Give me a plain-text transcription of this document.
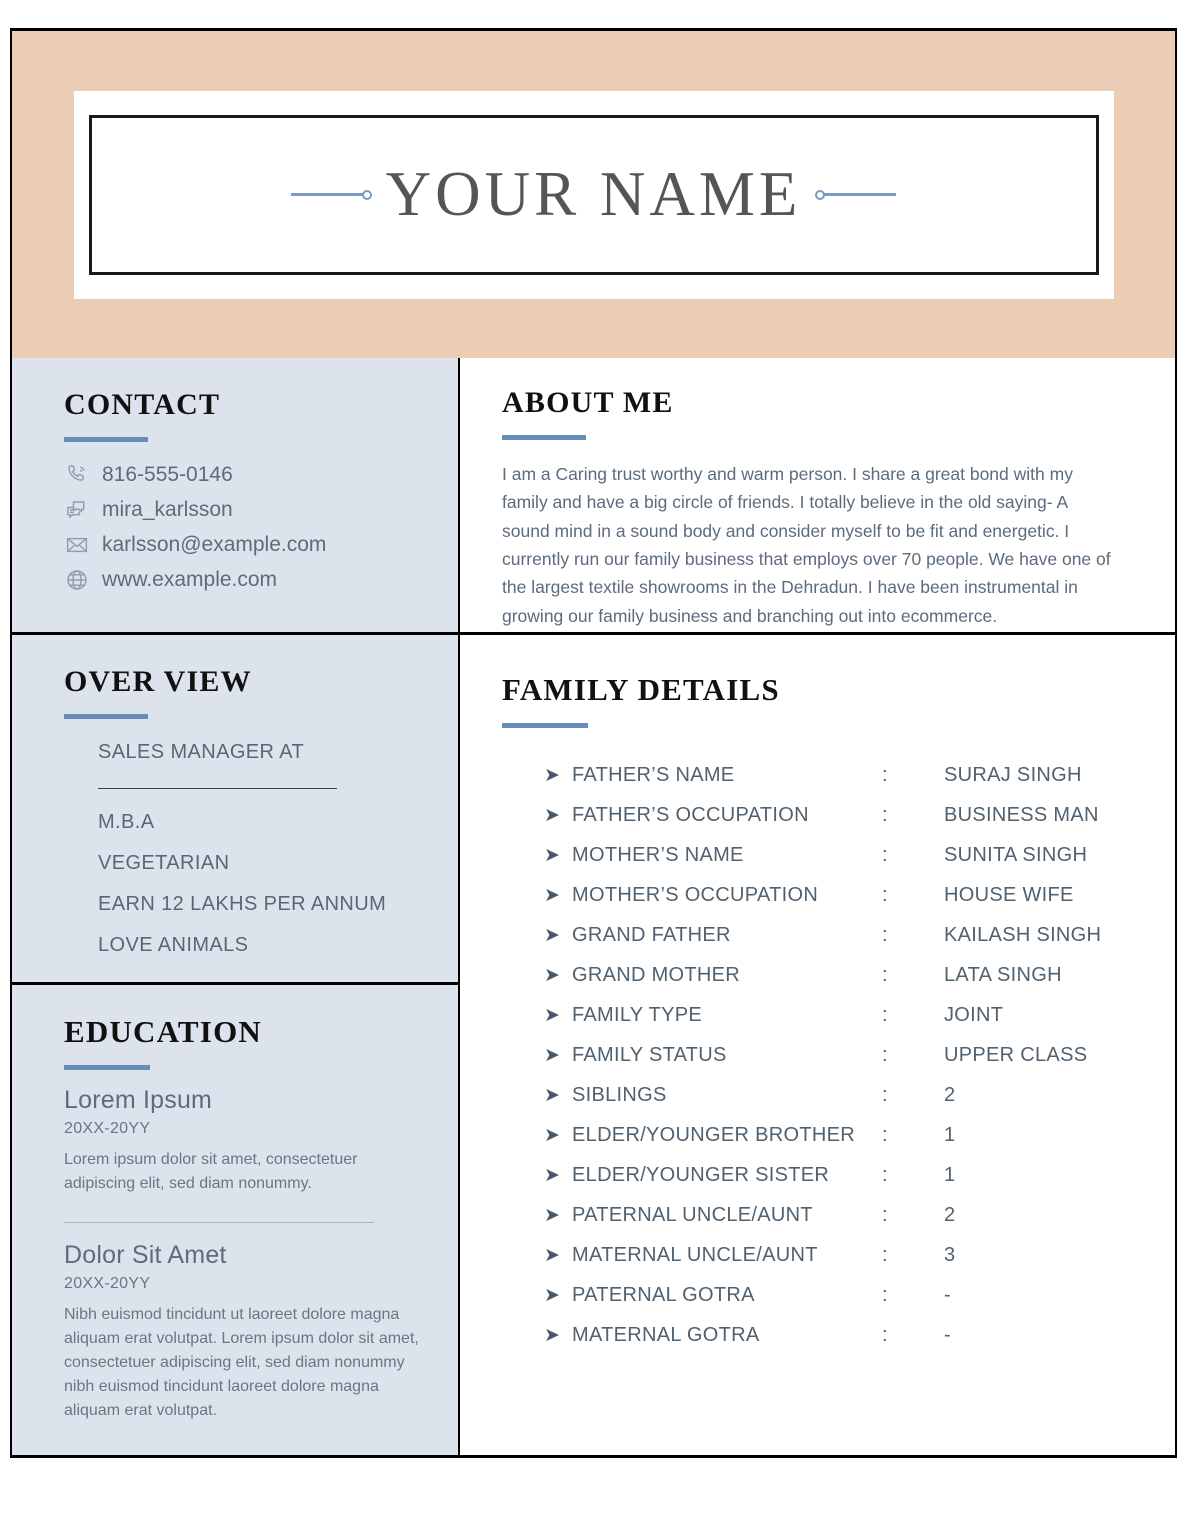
YOUR NAME
CONTACT
816-555-0146
mira_karlsson
karlsson@example.com
www.example.com
OVER VIEW
SALES MANAGER AT
M.B.A
VEGETARIAN
EARN 12 LAKHS PER ANNUM
LOVE ANIMALS
EDUCATION
Lorem Ipsum
20XX-20YY
Lorem ipsum dolor sit amet, consectetuer adipiscing elit, sed diam nonummy.
Dolor Sit Amet
20XX-20YY
Nibh euismod tincidunt ut laoreet dolore magna aliquam erat volutpat. Lorem ipsum dolor sit amet, consectetuer adipiscing elit, sed diam nonummy nibh euismod tincidunt laoreet dolore magna aliquam erat volutpat.
ABOUT ME

I am a Caring trust worthy and warm person. I share a great bond with my family and have a big circle of friends. I totally believe in the old saying- A sound mind in a sound body and consider myself to be fit and energetic. I currently run our family business that employs over 70 people. We have one of the largest textile showrooms in the Dehradun. I have been instrumental in growing our family business and branching out into ecommerce.

FAMILY DETAILS
➤ FATHER’S NAME	:	SURAJ SINGH
➤ FATHER’S OCCUPATION	:	BUSINESS MAN
➤ MOTHER’S NAME	:	SUNITA SINGH
➤ MOTHER’S OCCUPATION	:	HOUSE WIFE
➤ GRAND FATHER	:	KAILASH SINGH
➤ GRAND MOTHER	:	LATA SINGH
➤ FAMILY TYPE	:	JOINT
➤ FAMILY STATUS	:	UPPER CLASS
➤ SIBLINGS	:	2
➤ ELDER/YOUNGER BROTHER	:	1
➤ ELDER/YOUNGER SISTER	:	1
➤ PATERNAL UNCLE/AUNT	:	2
➤ MATERNAL UNCLE/AUNT	:	3
➤ PATERNAL GOTRA	:	-
➤ MATERNAL GOTRA	:	-
